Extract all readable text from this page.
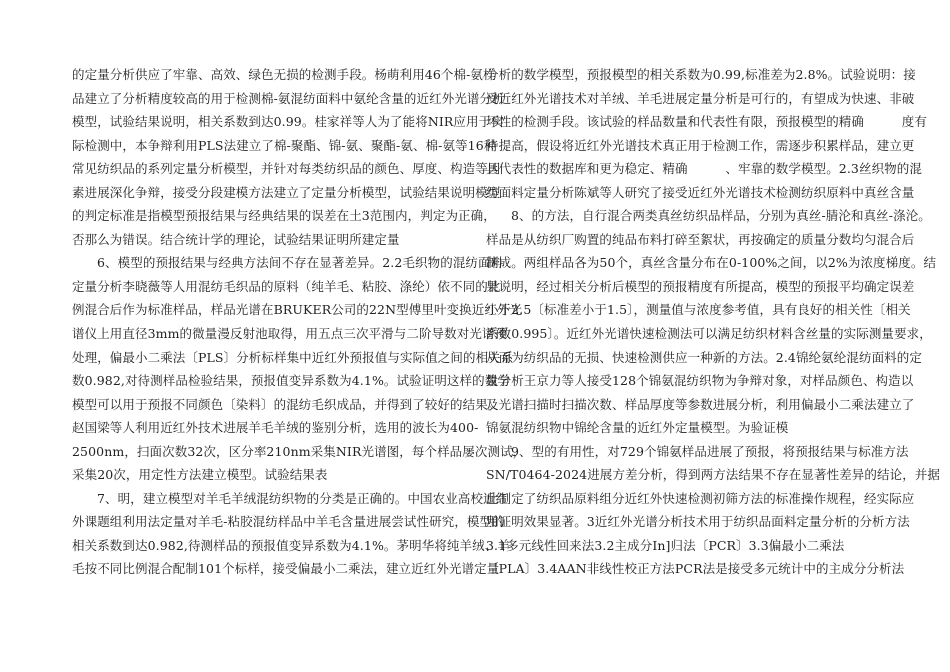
的定量分析供应了牢靠、高效、绿色无损的检测手段。杨萌利用46个棉-氨样
品建立了分析精度较高的用于检测棉-氨混纺面料中氨纶含量的近红外光谱分析
模型，试验结果说明，相关系数到达0.99。桂家祥等人为了能将NIR应用于实
际检测中，本争辩利用PLS法建立了棉-聚酯、锦-氨、聚酯-氨、棉-氨等16种
常见纺织品的系列定量分析模型，并针对每类纺织品的颜色、厚度、构造等因
素进展深化争辩，接受分段建模方法建立了定量分析模型，试验结果说明模型
的判定标准是指模型预报结果与经典结果的误差在土3范围内，判定为正确，
否那么为错误。结合统计学的理论，试验结果证明所建定量
6、模型的预报结果与经典方法间不存在显著差异。2.2毛织物的混纺面料
定量分析李晓薇等人用混纺毛织品的原料（纯羊毛、粘胶、涤纶）依不同的比
例混合后作为标准样品，样品光谱在BRUKER公司的22N型傅里叶变换近红外光
谱仪上用直径3mm的微量漫反射池取得，用五点三次平滑与二阶导数对光谱预
处理，偏最小二乘法〔PLS〕分析标样集中近红外预报值与实际值之间的相关系
数0.982,对待测样品检验结果，预报值变异系数为4.1%。试验证明这样的数学
模型可以用于预报不同颜色〔染料〕的混纺毛织成品，并得到了较好的结果。
赵国梁等人利用近红外技术进展羊毛羊绒的鉴别分析，选用的波长为400-
2500nm，扫面次数32次，区分率210nm采集NIR光谱图，每个样品屡次测试，
采集20次，用定性方法建立模型。试验结果表
7、明，建立模型对羊毛羊绒混纺织物的分类是正确的。中国农业高校近红
外课题组利用法定量对羊毛-粘胶混纺样品中羊毛含量进展尝试性研究，模型的
相关系数到达0.982,待测样品的预报值变异系数为4.1%。茅明华将纯羊绒、羊
毛按不同比例混合配制101个标样，接受偏最小二乘法，建立近红外光谱定量
分析的数学模型，预报模型的相关系数为0.99,标准差为2.8%。试验说明：接
受近红外光谱技术对羊绒、羊毛进展定量分析是可行的，有望成为快速、非破
坏性的检测手段。该试验的样品数量和代表性有限，预报模型的精确　　　度有
待提高，假设将近红外光谱技术真正用于检测工作，需逐步积累样品，建立更
具代表性的数据库和更为稳定、精确　　　、牢靠的数学模型。2.3丝织物的混
纺面料定量分析陈斌等人研究了接受近红外光谱技术检测纺织原料中真丝含量
8、的方法，自行混合两类真丝纺织品样品，分别为真丝-腈沦和真丝-涤沦。
样品是从纺织厂购置的纯品布料打碎至絮状，再按确定的质量分数均匀混合后
制成。两组样品各为50个，真丝含量分布在0-100%之间，以2%为浓度梯度。结
果说明，经过相关分析后模型的预报精度有所提高，模型的预报平均确定误差
小于2.5〔标准差小于1.5〕，测量值与浓度参考值，具有良好的相关性〔相关
系数0.995〕。近红外光谱快速检测法可以满足纺织材料含丝量的实际测量要求，
从而为纺织品的无损、快速检测供应一种新的方法。2.4锦纶氨纶混纺面料的定
量分析王京力等人接受128个锦氨混纺织物为争辩对象，对样品颜色、构造以
及光谱扫描时扫描次数、样品厚度等参数进展分析，利用偏最小二乘法建立了
锦氨混纺织物中锦纶含量的近红外定量模型。为验证模
9、型的有用性，对729个锦氨样品进展了预报，将预报结果与标准方法
SN/T0464-2024进展方差分析，得到两方法结果不存在显著性差异的结论，并据
此制定了纺织品原料组分近红外快速检测初筛方法的标准操作规程，经实际应
用证明效果显著。3近红外光谱分析技术用于纺织品面料定量分析的分析方法
3.1多元线性回来法3.2主成分In]归法〔PCR〕3.3偏最小二乘法
〔PLA〕3.4AAN非线性校正方法PCR法是接受多元统计中的主成分分析法
